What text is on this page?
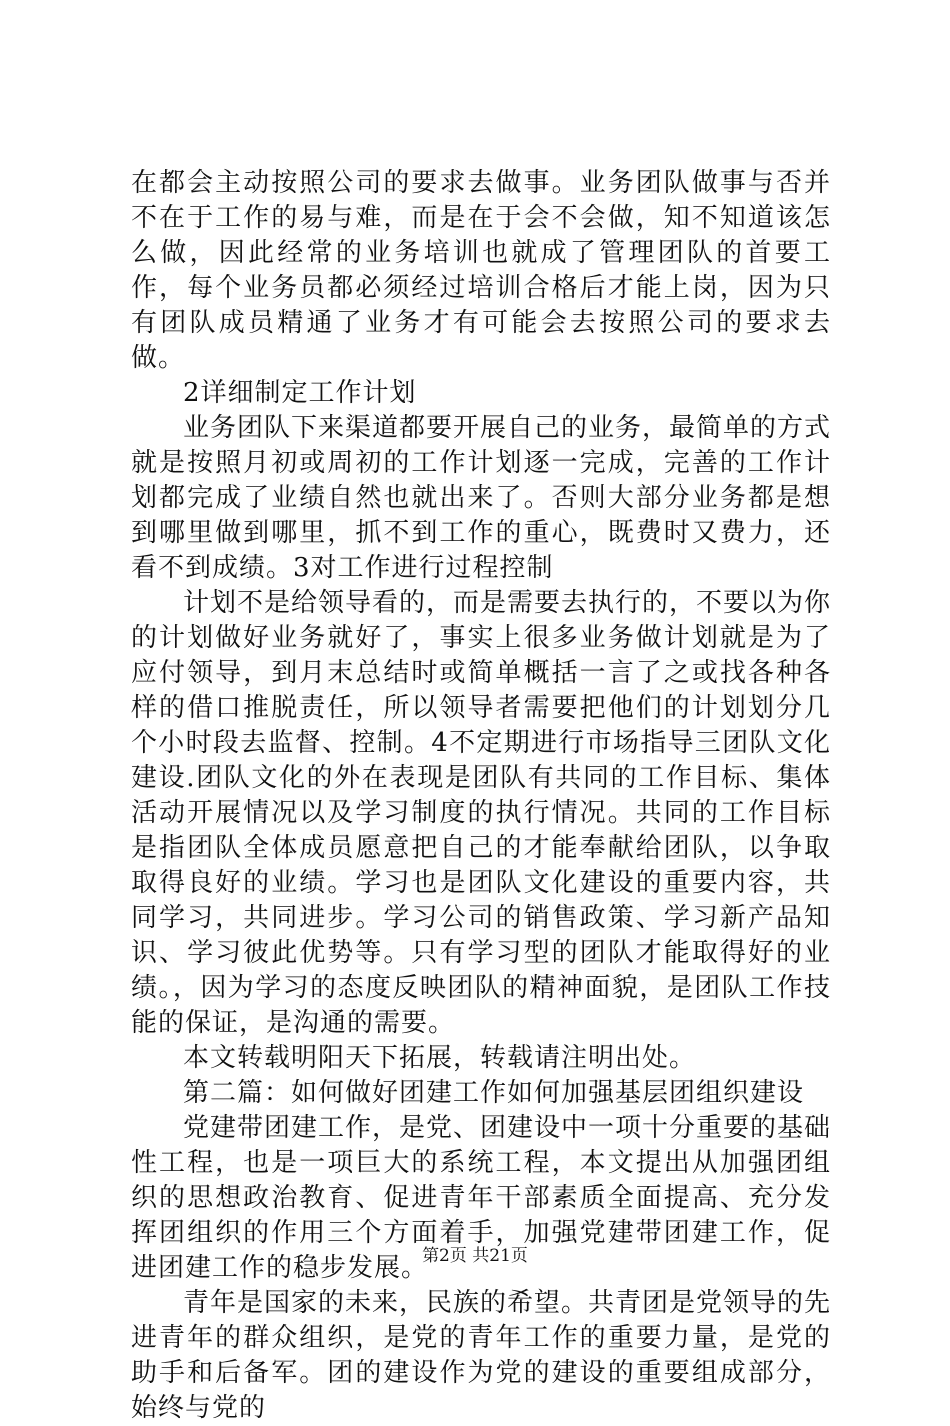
在都会主动按照公司的要求去做事。业务团队做事与否并不在于工作的易与难，而是在于会不会做，知不知道该怎么做，因此经常的业务培训也就成了管理团队的首要工作，每个业务员都必须经过培训合格后才能上岗，因为只有团队成员精通了业务才有可能会去按照公司的要求去做。

2详细制定工作计划

业务团队下来渠道都要开展自己的业务，最简单的方式就是按照月初或周初的工作计划逐一完成，完善的工作计划都完成了业绩自然也就出来了。否则大部分业务都是想到哪里做到哪里，抓不到工作的重心，既费时又费力，还看不到成绩。3对工作进行过程控制

计划不是给领导看的，而是需要去执行的，不要以为你的计划做好业务就好了，事实上很多业务做计划就是为了应付领导，到月末总结时或简单概括一言了之或找各种各样的借口推脱责任，所以领导者需要把他们的计划划分几个小时段去监督、控制。4不定期进行市场指导三团队文化建设.团队文化的外在表现是团队有共同的工作目标、集体活动开展情况以及学习制度的执行情况。共同的工作目标是指团队全体成员愿意把自己的才能奉献给团队，以争取取得良好的业绩。学习也是团队文化建设的重要内容，共同学习，共同进步。学习公司的销售政策、学习新产品知识、学习彼此优势等。只有学习型的团队才能取得好的业绩。，因为学习的态度反映团队的精神面貌，是团队工作技能的保证，是沟通的需要。

本文转载明阳天下拓展，转载请注明出处。

第二篇：如何做好团建工作如何加强基层团组织建设

党建带团建工作，是党、团建设中一项十分重要的基础性工程，也是一项巨大的系统工程，本文提出从加强团组织的思想政治教育、促进青年干部素质全面提高、充分发挥团组织的作用三个方面着手，加强党建带团建工作，促进团建工作的稳步发展。

青年是国家的未来，民族的希望。共青团是党领导的先进青年的群众组织，是党的青年工作的重要力量，是党的助手和后备军。团的建设作为党的建设的重要组成部分，始终与党的

第2页 共21页
